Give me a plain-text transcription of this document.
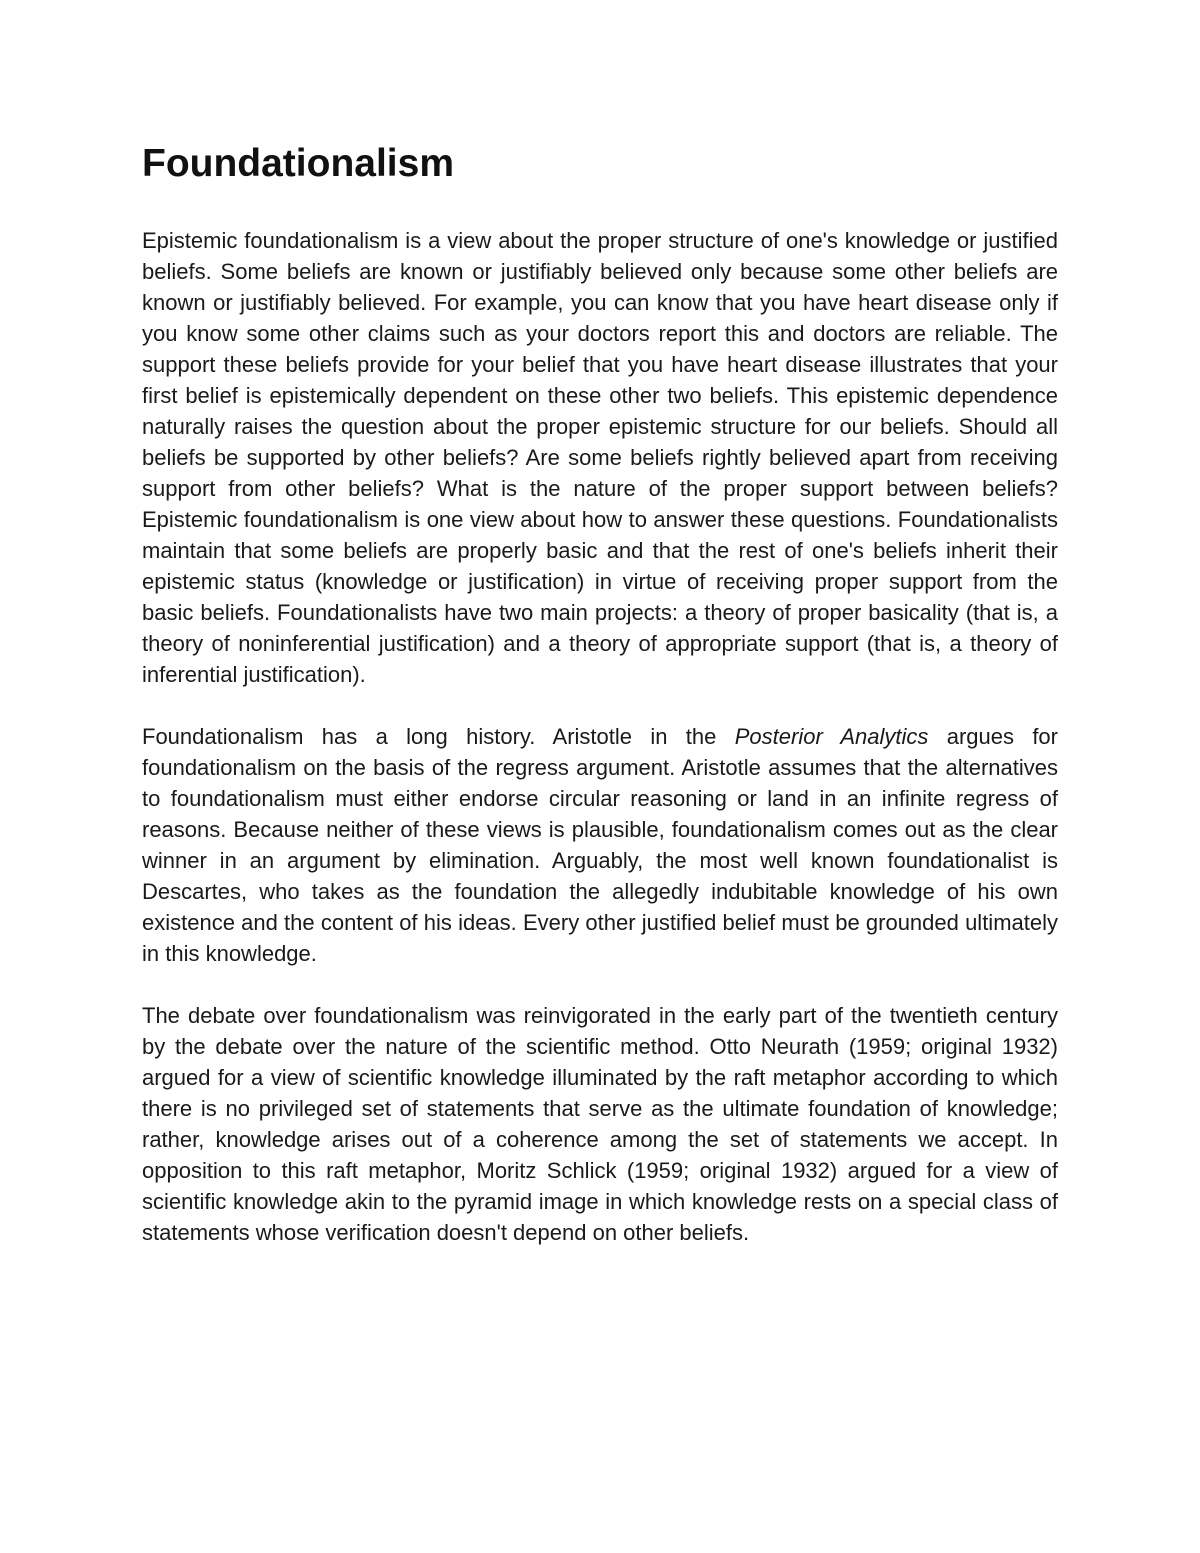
Foundationalism

Epistemic foundationalism is a view about the proper structure of one's knowledge or justified beliefs. Some beliefs are known or justifiably believed only because some other beliefs are known or justifiably believed. For example, you can know that you have heart disease only if you know some other claims such as your doctors report this and doctors are reliable. The support these beliefs provide for your belief that you have heart disease illustrates that your first belief is epistemically dependent on these other two beliefs. This epistemic dependence naturally raises the question about the proper epistemic structure for our beliefs. Should all beliefs be supported by other beliefs? Are some beliefs rightly believed apart from receiving support from other beliefs? What is the nature of the proper support between beliefs? Epistemic foundationalism is one view about how to answer these questions. Foundationalists maintain that some beliefs are properly basic and that the rest of one's beliefs inherit their epistemic status (knowledge or justification) in virtue of receiving proper support from the basic beliefs. Foundationalists have two main projects: a theory of proper basicality (that is, a theory of noninferential justification) and a theory of appropriate support (that is, a theory of inferential justification).

Foundationalism has a long history. Aristotle in the Posterior Analytics argues for foundationalism on the basis of the regress argument. Aristotle assumes that the alternatives to foundationalism must either endorse circular reasoning or land in an infinite regress of reasons. Because neither of these views is plausible, foundationalism comes out as the clear winner in an argument by elimination. Arguably, the most well known foundationalist is Descartes, who takes as the foundation the allegedly indubitable knowledge of his own existence and the content of his ideas. Every other justified belief must be grounded ultimately in this knowledge.

The debate over foundationalism was reinvigorated in the early part of the twentieth century by the debate over the nature of the scientific method. Otto Neurath (1959; original 1932) argued for a view of scientific knowledge illuminated by the raft metaphor according to which there is no privileged set of statements that serve as the ultimate foundation of knowledge; rather, knowledge arises out of a coherence among the set of statements we accept. In opposition to this raft metaphor, Moritz Schlick (1959; original 1932) argued for a view of scientific knowledge akin to the pyramid image in which knowledge rests on a special class of statements whose verification doesn't depend on other beliefs.
